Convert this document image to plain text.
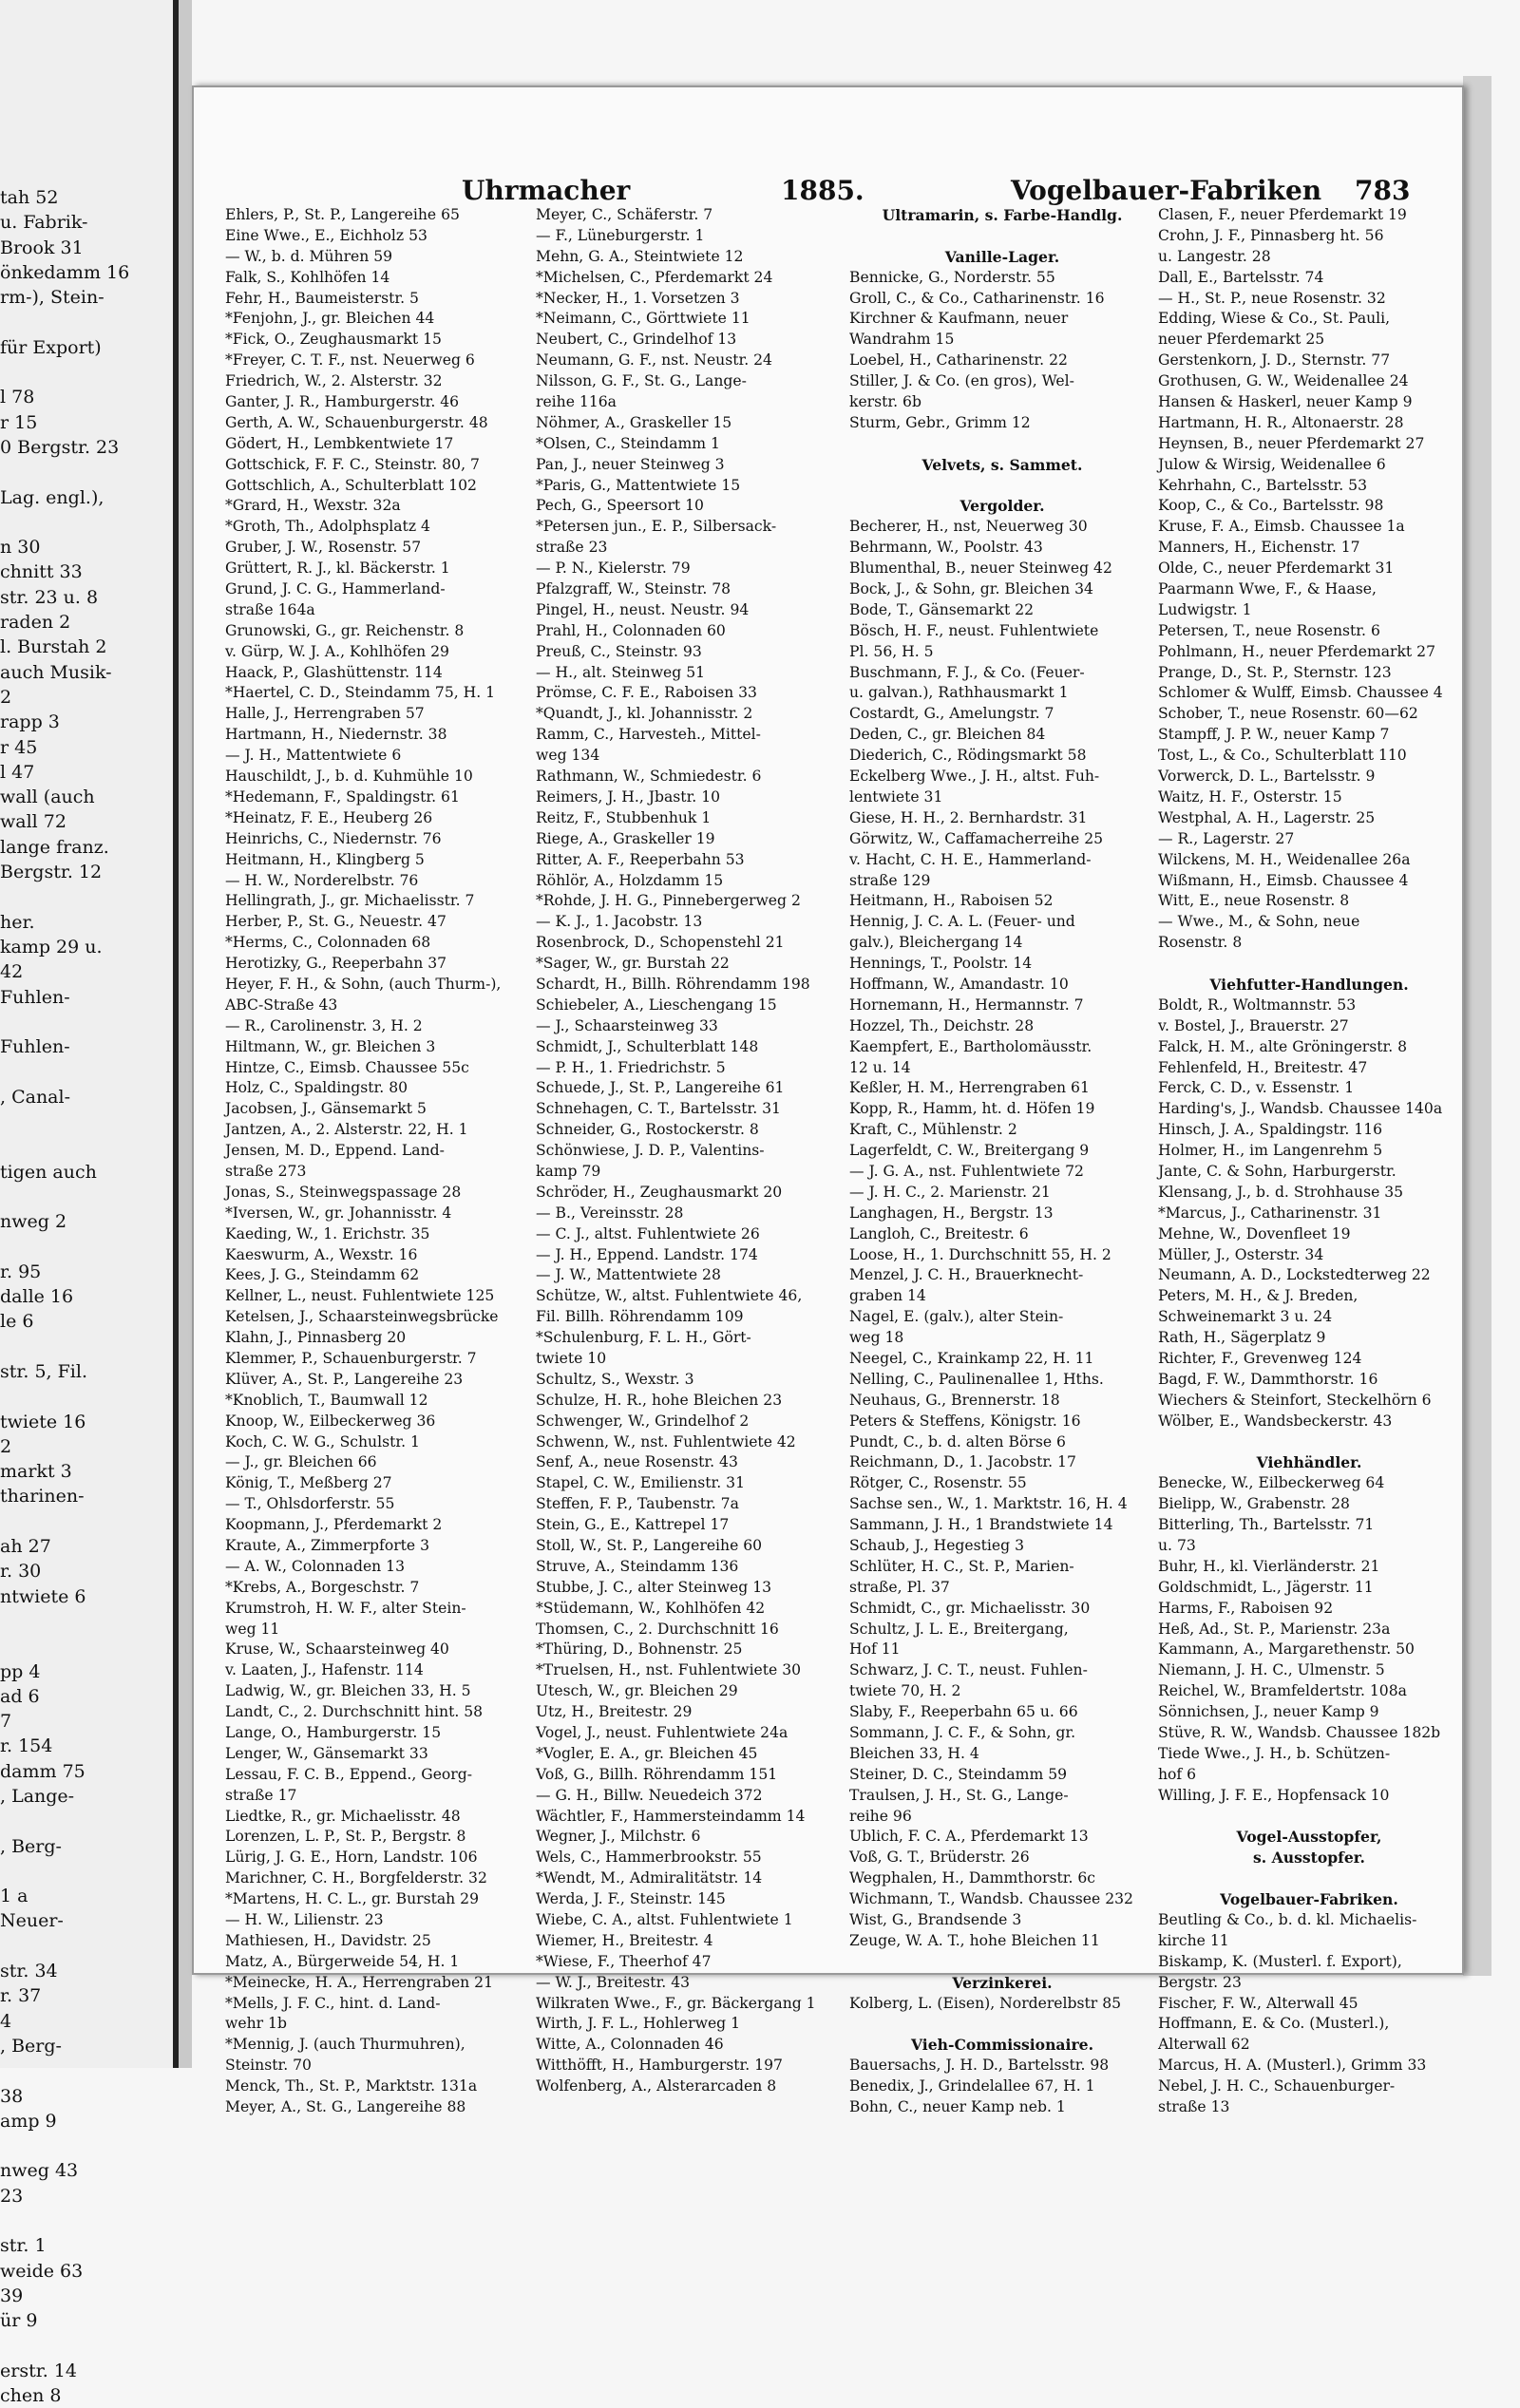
tah 52
u. Fabrik-
Brook 31
önkedamm 16
rm-), Stein-
für Export)
l 78
r 15
0 Bergstr. 23
Lag. engl.),
n 30
chnitt 33
str. 23 u. 8
raden 2
l. Burstah 2
auch Musik-
2
rapp 3
r 45
l 47
wall (auch
wall 72
lange franz.
Bergstr. 12
her.
kamp 29 u.
42
Fuhlen-
Fuhlen-
, Canal-
tigen auch
nweg 2
r. 95
dalle 16
le 6
str. 5, Fil.
twiete 16
2
markt 3
tharinen-
ah 27
r. 30
ntwiete 6
pp 4
ad 6
7
r. 154
damm 75
, Lange-
, Berg-
1 a
Neuer-
str. 34
r. 37
4
, Berg-
38
amp 9
nweg 43
23
str. 1
weide 63
39
ür 9
erstr. 14
chen 8
Uhrmacher	1885.	Vogelbauer-Fabriken 783
Ehlers, P., St. P., Langereihe 65
Eine Wwe., E., Eichholz 53
— W., b. d. Mühren 59
Falk, S., Kohlhöfen 14
Fehr, H., Baumeisterstr. 5
*Fenjohn, J., gr. Bleichen 44
*Fick, O., Zeughausmarkt 15
*Freyer, C. T. F., nst. Neuerweg 6
Friedrich, W., 2. Alsterstr. 32
Ganter, J. R., Hamburgerstr. 46
Gerth, A. W., Schauenburgerstr. 48
Gödert, H., Lembkentwiete 17
Gottschick, F. F. C., Steinstr. 80, 7
Gottschlich, A., Schulterblatt 102
*Grard, H., Wexstr. 32a
*Groth, Th., Adolphsplatz 4
Gruber, J. W., Rosenstr. 57
Grüttert, R. J., kl. Bäckerstr. 1
Grund, J. C. G., Hammerland-
straße 164a
Grunowski, G., gr. Reichenstr. 8
v. Gürp, W. J. A., Kohlhöfen 29
Haack, P., Glashüttenstr. 114
*Haertel, C. D., Steindamm 75, H. 1
Halle, J., Herrengraben 57
Hartmann, H., Niedernstr. 38
— J. H., Mattentwiete 6
Hauschildt, J., b. d. Kuhmühle 10
*Hedemann, F., Spaldingstr. 61
*Heinatz, F. E., Heuberg 26
Heinrichs, C., Niedernstr. 76
Heitmann, H., Klingberg 5
— H. W., Norderelbstr. 76
Hellingrath, J., gr. Michaelisstr. 7
Herber, P., St. G., Neuestr. 47
*Herms, C., Colonnaden 68
Herotizky, G., Reeperbahn 37
Heyer, F. H., & Sohn, (auch Thurm-),
ABC-Straße 43
— R., Carolinenstr. 3, H. 2
Hiltmann, W., gr. Bleichen 3
Hintze, C., Eimsb. Chaussee 55c
Holz, C., Spaldingstr. 80
Jacobsen, J., Gänsemarkt 5
Jantzen, A., 2. Alsterstr. 22, H. 1
Jensen, M. D., Eppend. Land-
straße 273
Jonas, S., Steinwegspassage 28
*Iversen, W., gr. Johannisstr. 4
Kaeding, W., 1. Erichstr. 35
Kaeswurm, A., Wexstr. 16
Kees, J. G., Steindamm 62
Kellner, L., neust. Fuhlentwiete 125
Ketelsen, J., Schaarsteinwegsbrücke
Klahn, J., Pinnasberg 20
Klemmer, P., Schauenburgerstr. 7
Klüver, A., St. P., Langereihe 23
*Knoblich, T., Baumwall 12
Knoop, W., Eilbeckerweg 36
Koch, C. W. G., Schulstr. 1
— J., gr. Bleichen 66
König, T., Meßberg 27
— T., Ohlsdorferstr. 55
Koopmann, J., Pferdemarkt 2
Kraute, A., Zimmerpforte 3
— A. W., Colonnaden 13
*Krebs, A., Borgeschstr. 7
Krumstroh, H. W. F., alter Stein-
weg 11
Kruse, W., Schaarsteinweg 40
v. Laaten, J., Hafenstr. 114
Ladwig, W., gr. Bleichen 33, H. 5
Landt, C., 2. Durchschnitt hint. 58
Lange, O., Hamburgerstr. 15
Lenger, W., Gänsemarkt 33
Lessau, F. C. B., Eppend., Georg-
straße 17
Liedtke, R., gr. Michaelisstr. 48
Lorenzen, L. P., St. P., Bergstr. 8
Lürig, J. G. E., Horn, Landstr. 106
Marichner, C. H., Borgfelderstr. 32
*Martens, H. C. L., gr. Burstah 29
— H. W., Lilienstr. 23
Mathiesen, H., Davidstr. 25
Matz, A., Bürgerweide 54, H. 1
*Meinecke, H. A., Herrengraben 21
*Mells, J. F. C., hint. d. Land-
wehr 1b
*Mennig, J. (auch Thurmuhren),
Steinstr. 70
Menck, Th., St. P., Marktstr. 131a
Meyer, A., St. G., Langereihe 88
Meyer, C., Schäferstr. 7
— F., Lüneburgerstr. 1
Mehn, G. A., Steintwiete 12
*Michelsen, C., Pferdemarkt 24
*Necker, H., 1. Vorsetzen 3
*Neimann, C., Görttwiete 11
Neubert, C., Grindelhof 13
Neumann, G. F., nst. Neustr. 24
Nilsson, G. F., St. G., Lange-
reihe 116a
Nöhmer, A., Graskeller 15
*Olsen, C., Steindamm 1
Pan, J., neuer Steinweg 3
*Paris, G., Mattentwiete 15
Pech, G., Speersort 10
*Petersen jun., E. P., Silbersack-
straße 23
— P. N., Kielerstr. 79
Pfalzgraff, W., Steinstr. 78
Pingel, H., neust. Neustr. 94
Prahl, H., Colonnaden 60
Preuß, C., Steinstr. 93
— H., alt. Steinweg 51
Prömse, C. F. E., Raboisen 33
*Quandt, J., kl. Johannisstr. 2
Ramm, C., Harvesteh., Mittel-
weg 134
Rathmann, W., Schmiedestr. 6
Reimers, J. H., Jbastr. 10
Reitz, F., Stubbenhuk 1
Riege, A., Graskeller 19
Ritter, A. F., Reeperbahn 53
Röhlör, A., Holzdamm 15
*Rohde, J. H. G., Pinnebergerweg 2
— K. J., 1. Jacobstr. 13
Rosenbrock, D., Schopenstehl 21
*Sager, W., gr. Burstah 22
Schardt, H., Billh. Röhrendamm 198
Schiebeler, A., Lieschengang 15
— J., Schaarsteinweg 33
Schmidt, J., Schulterblatt 148
— P. H., 1. Friedrichstr. 5
Schuede, J., St. P., Langereihe 61
Schnehagen, C. T., Bartelsstr. 31
Schneider, G., Rostockerstr. 8
Schönwiese, J. D. P., Valentins-
kamp 79
Schröder, H., Zeughausmarkt 20
— B., Vereinsstr. 28
— C. J., altst. Fuhlentwiete 26
— J. H., Eppend. Landstr. 174
— J. W., Mattentwiete 28
Schütze, W., altst. Fuhlentwiete 46,
Fil. Billh. Röhrendamm 109
*Schulenburg, F. L. H., Gört-
twiete 10
Schultz, S., Wexstr. 3
Schulze, H. R., hohe Bleichen 23
Schwenger, W., Grindelhof 2
Schwenn, W., nst. Fuhlentwiete 42
Senf, A., neue Rosenstr. 43
Stapel, C. W., Emilienstr. 31
Steffen, F. P., Taubenstr. 7a
Stein, G., E., Kattrepel 17
Stoll, W., St. P., Langereihe 60
Struve, A., Steindamm 136
Stubbe, J. C., alter Steinweg 13
*Stüdemann, W., Kohlhöfen 42
Thomsen, C., 2. Durchschnitt 16
*Thüring, D., Bohnenstr. 25
*Truelsen, H., nst. Fuhlentwiete 30
Utesch, W., gr. Bleichen 29
Utz, H., Breitestr. 29
Vogel, J., neust. Fuhlentwiete 24a
*Vogler, E. A., gr. Bleichen 45
Voß, G., Billh. Röhrendamm 151
— G. H., Billw. Neuedeich 372
Wächtler, F., Hammersteindamm 14
Wegner, J., Milchstr. 6
Wels, C., Hammerbrookstr. 55
*Wendt, M., Admiralitätstr. 14
Werda, J. F., Steinstr. 145
Wiebe, C. A., altst. Fuhlentwiete 1
Wiemer, H., Breitestr. 4
*Wiese, F., Theerhof 47
— W. J., Breitestr. 43
Wilkraten Wwe., F., gr. Bäckergang 1
Wirth, J. F. L., Hohlerweg 1
Witte, A., Colonnaden 46
Witthöfft, H., Hamburgerstr. 197
Wolfenberg, A., Alsterarcaden 8
Ultramarin, s. Farbe-Handlg.
Vanille-Lager.
Bennicke, G., Norderstr. 55
Groll, C., & Co., Catharinenstr. 16
Kirchner & Kaufmann, neuer
Wandrahm 15
Loebel, H., Catharinenstr. 22
Stiller, J. & Co. (en gros), Wel-
kerstr. 6b
Sturm, Gebr., Grimm 12
Velvets, s. Sammet.
Vergolder.
Becherer, H., nst, Neuerweg 30
Behrmann, W., Poolstr. 43
Blumenthal, B., neuer Steinweg 42
Bock, J., & Sohn, gr. Bleichen 34
Bode, T., Gänsemarkt 22
Bösch, H. F., neust. Fuhlentwiete
Pl. 56, H. 5
Buschmann, F. J., & Co. (Feuer-
u. galvan.), Rathhausmarkt 1
Costardt, G., Amelungstr. 7
Deden, C., gr. Bleichen 84
Diederich, C., Rödingsmarkt 58
Eckelberg Wwe., J. H., altst. Fuh-
lentwiete 31
Giese, H. H., 2. Bernhardstr. 31
Görwitz, W., Caffamacherreihe 25
v. Hacht, C. H. E., Hammerland-
straße 129
Heitmann, H., Raboisen 52
Hennig, J. C. A. L. (Feuer- und
galv.), Bleichergang 14
Hennings, T., Poolstr. 14
Hoffmann, W., Amandastr. 10
Hornemann, H., Hermannstr. 7
Hozzel, Th., Deichstr. 28
Kaempfert, E., Bartholomäusstr.
12 u. 14
Keßler, H. M., Herrengraben 61
Kopp, R., Hamm, ht. d. Höfen 19
Kraft, C., Mühlenstr. 2
Lagerfeldt, C. W., Breitergang 9
— J. G. A., nst. Fuhlentwiete 72
— J. H. C., 2. Marienstr. 21
Langhagen, H., Bergstr. 13
Langloh, C., Breitestr. 6
Loose, H., 1. Durchschnitt 55, H. 2
Menzel, J. C. H., Brauerknecht-
graben 14
Nagel, E. (galv.), alter Stein-
weg 18
Neegel, C., Krainkamp 22, H. 11
Nelling, C., Paulinenallee 1, Hths.
Neuhaus, G., Brennerstr. 18
Peters & Steffens, Königstr. 16
Pundt, C., b. d. alten Börse 6
Reichmann, D., 1. Jacobstr. 17
Rötger, C., Rosenstr. 55
Sachse sen., W., 1. Marktstr. 16, H. 4
Sammann, J. H., 1 Brandstwiete 14
Schaub, J., Hegestieg 3
Schlüter, H. C., St. P., Marien-
straße, Pl. 37
Schmidt, C., gr. Michaelisstr. 30
Schultz, J. L. E., Breitergang,
Hof 11
Schwarz, J. C. T., neust. Fuhlen-
twiete 70, H. 2
Slaby, F., Reeperbahn 65 u. 66
Sommann, J. C. F., & Sohn, gr.
Bleichen 33, H. 4
Steiner, D. C., Steindamm 59
Traulsen, J. H., St. G., Lange-
reihe 96
Ublich, F. C. A., Pferdemarkt 13
Voß, G. T., Brüderstr. 26
Wegphalen, H., Dammthorstr. 6c
Wichmann, T., Wandsb. Chaussee 232
Wist, G., Brandsende 3
Zeuge, W. A. T., hohe Bleichen 11
Verzinkerei.
Kolberg, L. (Eisen), Norderelbstr 85
Vieh-Commissionaire.
Bauersachs, J. H. D., Bartelsstr. 98
Benedix, J., Grindelallee 67, H. 1
Bohn, C., neuer Kamp neb. 1
Clasen, F., neuer Pferdemarkt 19
Crohn, J. F., Pinnasberg ht. 56
u. Langestr. 28
Dall, E., Bartelsstr. 74
— H., St. P., neue Rosenstr. 32
Edding, Wiese & Co., St. Pauli,
neuer Pferdemarkt 25
Gerstenkorn, J. D., Sternstr. 77
Grothusen, G. W., Weidenallee 24
Hansen & Haskerl, neuer Kamp 9
Hartmann, H. R., Altonaerstr. 28
Heynsen, B., neuer Pferdemarkt 27
Julow & Wirsig, Weidenallee 6
Kehrhahn, C., Bartelsstr. 53
Koop, C., & Co., Bartelsstr. 98
Kruse, F. A., Eimsb. Chaussee 1a
Manners, H., Eichenstr. 17
Olde, C., neuer Pferdemarkt 31
Paarmann Wwe, F., & Haase,
Ludwigstr. 1
Petersen, T., neue Rosenstr. 6
Pohlmann, H., neuer Pferdemarkt 27
Prange, D., St. P., Sternstr. 123
Schlomer & Wulff, Eimsb. Chaussee 4
Schober, T., neue Rosenstr. 60—62
Stampff, J. P. W., neuer Kamp 7
Tost, L., & Co., Schulterblatt 110
Vorwerck, D. L., Bartelsstr. 9
Waitz, H. F., Osterstr. 15
Westphal, A. H., Lagerstr. 25
— R., Lagerstr. 27
Wilckens, M. H., Weidenallee 26a
Wißmann, H., Eimsb. Chaussee 4
Witt, E., neue Rosenstr. 8
— Wwe., M., & Sohn, neue
Rosenstr. 8
Viehfutter-Handlungen.
Boldt, R., Woltmannstr. 53
v. Bostel, J., Brauerstr. 27
Falck, H. M., alte Gröningerstr. 8
Fehlenfeld, H., Breitestr. 47
Ferck, C. D., v. Essenstr. 1
Harding's, J., Wandsb. Chaussee 140a
Hinsch, J. A., Spaldingstr. 116
Holmer, H., im Langenrehm 5
Jante, C. & Sohn, Harburgerstr.
Klensang, J., b. d. Strohhause 35
*Marcus, J., Catharinenstr. 31
Mehne, W., Dovenfleet 19
Müller, J., Osterstr. 34
Neumann, A. D., Lockstedterweg 22
Peters, M. H., & J. Breden,
Schweinemarkt 3 u. 24
Rath, H., Sägerplatz 9
Richter, F., Grevenweg 124
Bagd, F. W., Dammthorstr. 16
Wiechers & Steinfort, Steckelhörn 6
Wölber, E., Wandsbeckerstr. 43
Viehhändler.
Benecke, W., Eilbeckerweg 64
Bielipp, W., Grabenstr. 28
Bitterling, Th., Bartelsstr. 71
u. 73
Buhr, H., kl. Vierländerstr. 21
Goldschmidt, L., Jägerstr. 11
Harms, F., Raboisen 92
Heß, Ad., St. P., Marienstr. 23a
Kammann, A., Margarethenstr. 50
Niemann, J. H. C., Ulmenstr. 5
Reichel, W., Bramfeldertstr. 108a
Sönnichsen, J., neuer Kamp 9
Stüve, R. W., Wandsb. Chaussee 182b
Tiede Wwe., J. H., b. Schützen-
hof 6
Willing, J. F. E., Hopfensack 10
Vogel-Ausstopfer,
s. Ausstopfer.
Vogelbauer-Fabriken.
Beutling & Co., b. d. kl. Michaelis-
kirche 11
Biskamp, K. (Musterl. f. Export),
Bergstr. 23
Fischer, F. W., Alterwall 45
Hoffmann, E. & Co. (Musterl.),
Alterwall 62
Marcus, H. A. (Musterl.), Grimm 33
Nebel, J. H. C., Schauenburger-
straße 13
